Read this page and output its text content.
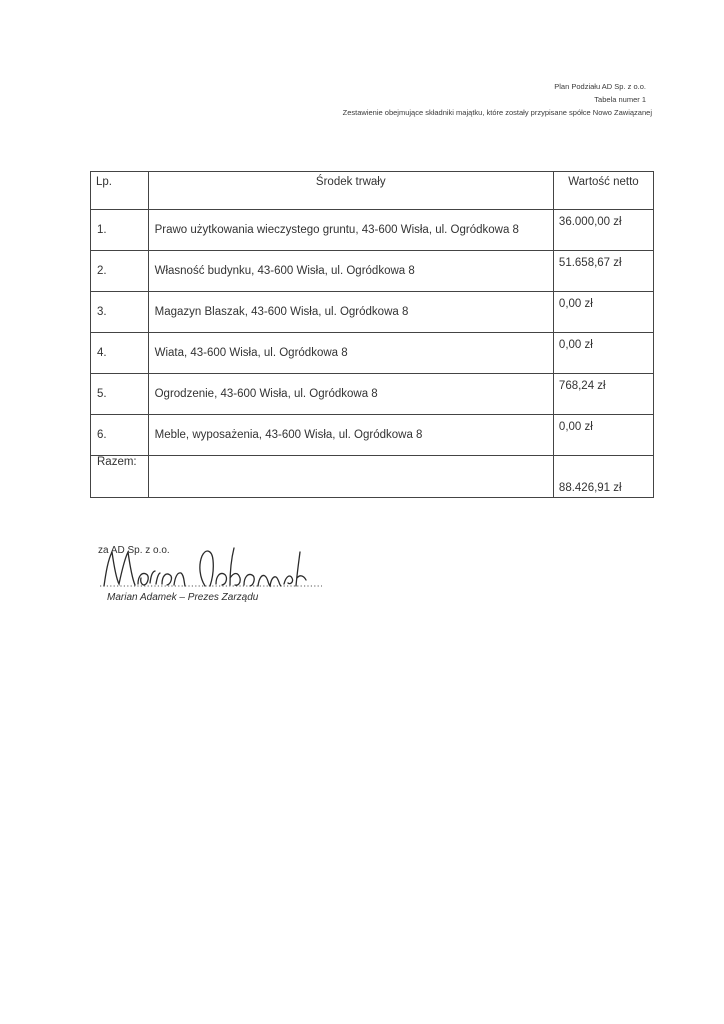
Plan Podziału AD Sp. z o.o.
Tabela numer 1
Zestawienie obejmujące składniki majątku, które zostały przypisane spółce Nowo Zawiązanej
Lp.	Środek trwały	Wartość netto
1.	Prawo użytkowania wieczystego gruntu, 43-600 Wisła, ul. Ogródkowa 8	36.000,00 zł
2.	Własność budynku, 43-600 Wisła, ul. Ogródkowa 8	51.658,67 zł
3.	Magazyn Blaszak, 43-600 Wisła, ul. Ogródkowa 8	0,00 zł
4.	Wiata, 43-600 Wisła, ul. Ogródkowa 8	0,00 zł
5.	Ogrodzenie, 43-600 Wisła, ul. Ogródkowa 8	768,24 zł
6.	Meble, wyposażenia, 43-600 Wisła, ul. Ogródkowa 8	0,00 zł
Razem:		88.426,91 zł
za AD Sp. z o.o.
Marian Adamek – Prezes Zarządu
